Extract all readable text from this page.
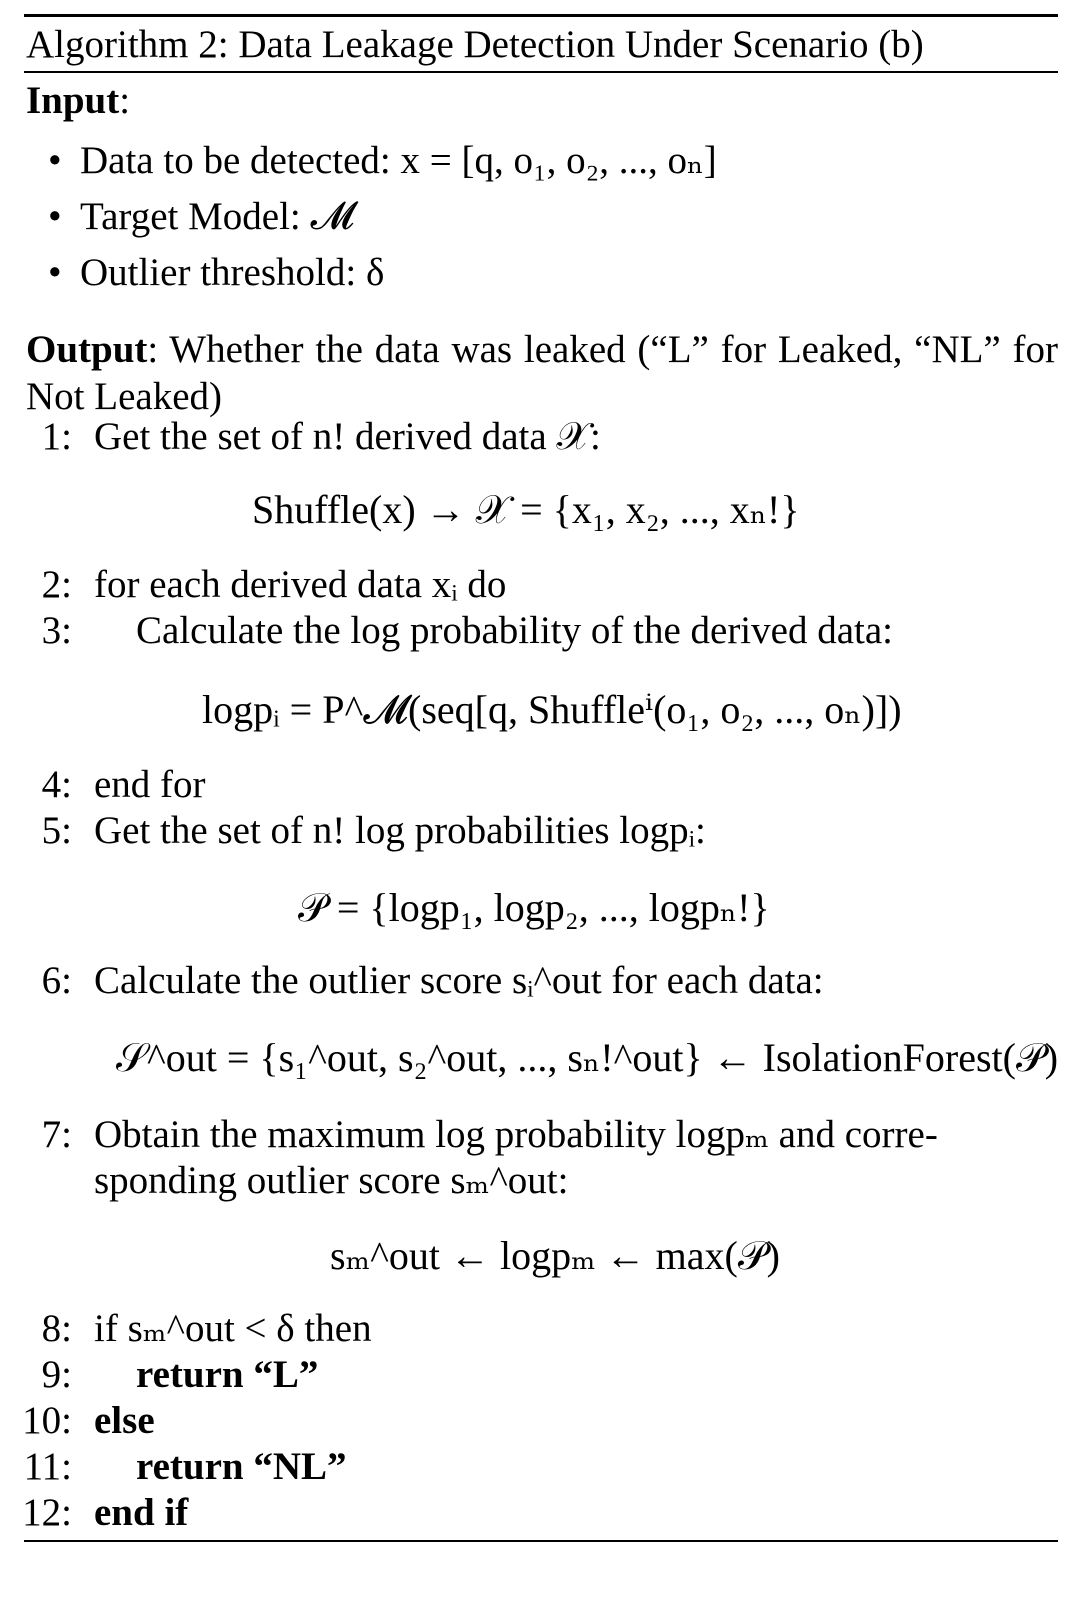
Algorithm 2: Data Leakage Detection Under Scenario (b)
Input:
• Data to be detected: x = [q, o₁, o₂, ..., oₙ]
• Target Model: 𝓜
• Outlier threshold: δ
Output: Whether the data was leaked (“L” for Leaked, “NL” for Not Leaked)
1: Get the set of n! derived data 𝒳:
Shuffle(x) → 𝒳 = {x₁, x₂, ..., xₙ!}
2: for each derived data xᵢ do
3: Calculate the log probability of the derived data:
logpᵢ = P^𝓜(seq[q, Shuffleⁱ(o₁, o₂, ..., oₙ)])
4: end for
5: Get the set of n! log probabilities logpᵢ:
𝒫 = {logp₁, logp₂, ..., logpₙ!}
6: Calculate the outlier score sᵢ^out for each data:
𝒮^out = {s₁^out, s₂^out, ..., sₙ!^out} ← IsolationForest(𝒫)
7: Obtain the maximum log probability logpₘ and corre-
sponding outlier score sₘ^out:
sₘ^out ← logpₘ ← max(𝒫)
8: if sₘ^out < δ then
9: return “L”
10: else
11: return “NL”
12: end if
